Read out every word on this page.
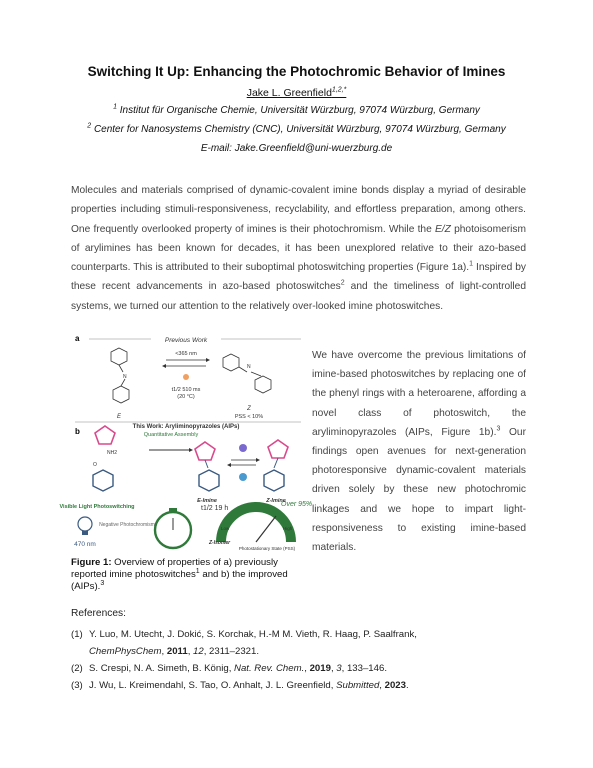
Switching It Up: Enhancing the Photochromic Behavior of Imines
Jake L. Greenfield$^{1,2,*}$
$^1$ Institut für Organische Chemie, Universität Würzburg, 97074 Würzburg, Germany
$^2$ Center for Nanosystems Chemistry (CNC), Universität Würzburg, 97074 Würzburg, Germany
E-mail: Jake.Greenfield@uni-wuerzburg.de
Molecules and materials comprised of dynamic-covalent imine bonds display a myriad of desirable properties including stimuli-responsiveness, recyclability, and effortless preparation, among others. One frequently overlooked property of imines is their photochromism. While the E/Z photoisomerism of arylimines has been known for decades, it has been unexplored relative to their azo-based counterparts. This is attributed to their suboptimal photoswitching properties (Figure 1a).$^1$ Inspired by these recent advancements in azo-based photoswitches$^2$ and the timeliness of light-controlled systems, we turned our attention to the relatively over-looked imine photoswitches.
a	Previous Work
N
E
<365 nm
t1/2 510 ms
(20 °C)
N
Z
PSS < 10%
This Work: Aryliminopyrazoles (AIPs)
b
NH2
O
Quantitative Assembly
E-Imine	Z-Imine
Visible Light Photoswitching
470 nm
Negative Photochromism
t1/2 19 h
Over 95%
Low	High
Z-Isomer
Photostationary State (PSS)
We have overcome the previous limitations of imine-based photoswitches by replacing one of the phenyl rings with a heteroarene, affording a novel class of photoswitch, the aryliminopyrazoles (AIPs, Figure 1b).$^3$ Our findings open avenues for next-generation photoresponsive dynamic-covalent materials driven solely by these new photochromic linkages and we hope to impart light-responsiveness to existing imine-based materials.
Figure 1: Overview of properties of a) previously reported imine photoswitches$^1$ and b) the improved (AIPs).$^3$
References:
(1) Y. Luo, M. Utecht, J. Dokić, S. Korchak, H.-M M. Vieth, R. Haag, P. Saalfrank,
ChemPhysChem, 2011, 12, 2311–2321.
(2) S. Crespi, N. A. Simeth, B. König, Nat. Rev. Chem., 2019, 3, 133–146.
(3) J. Wu, L. Kreimendahl, S. Tao, O. Anhalt, J. L. Greenfield, Submitted, 2023.
